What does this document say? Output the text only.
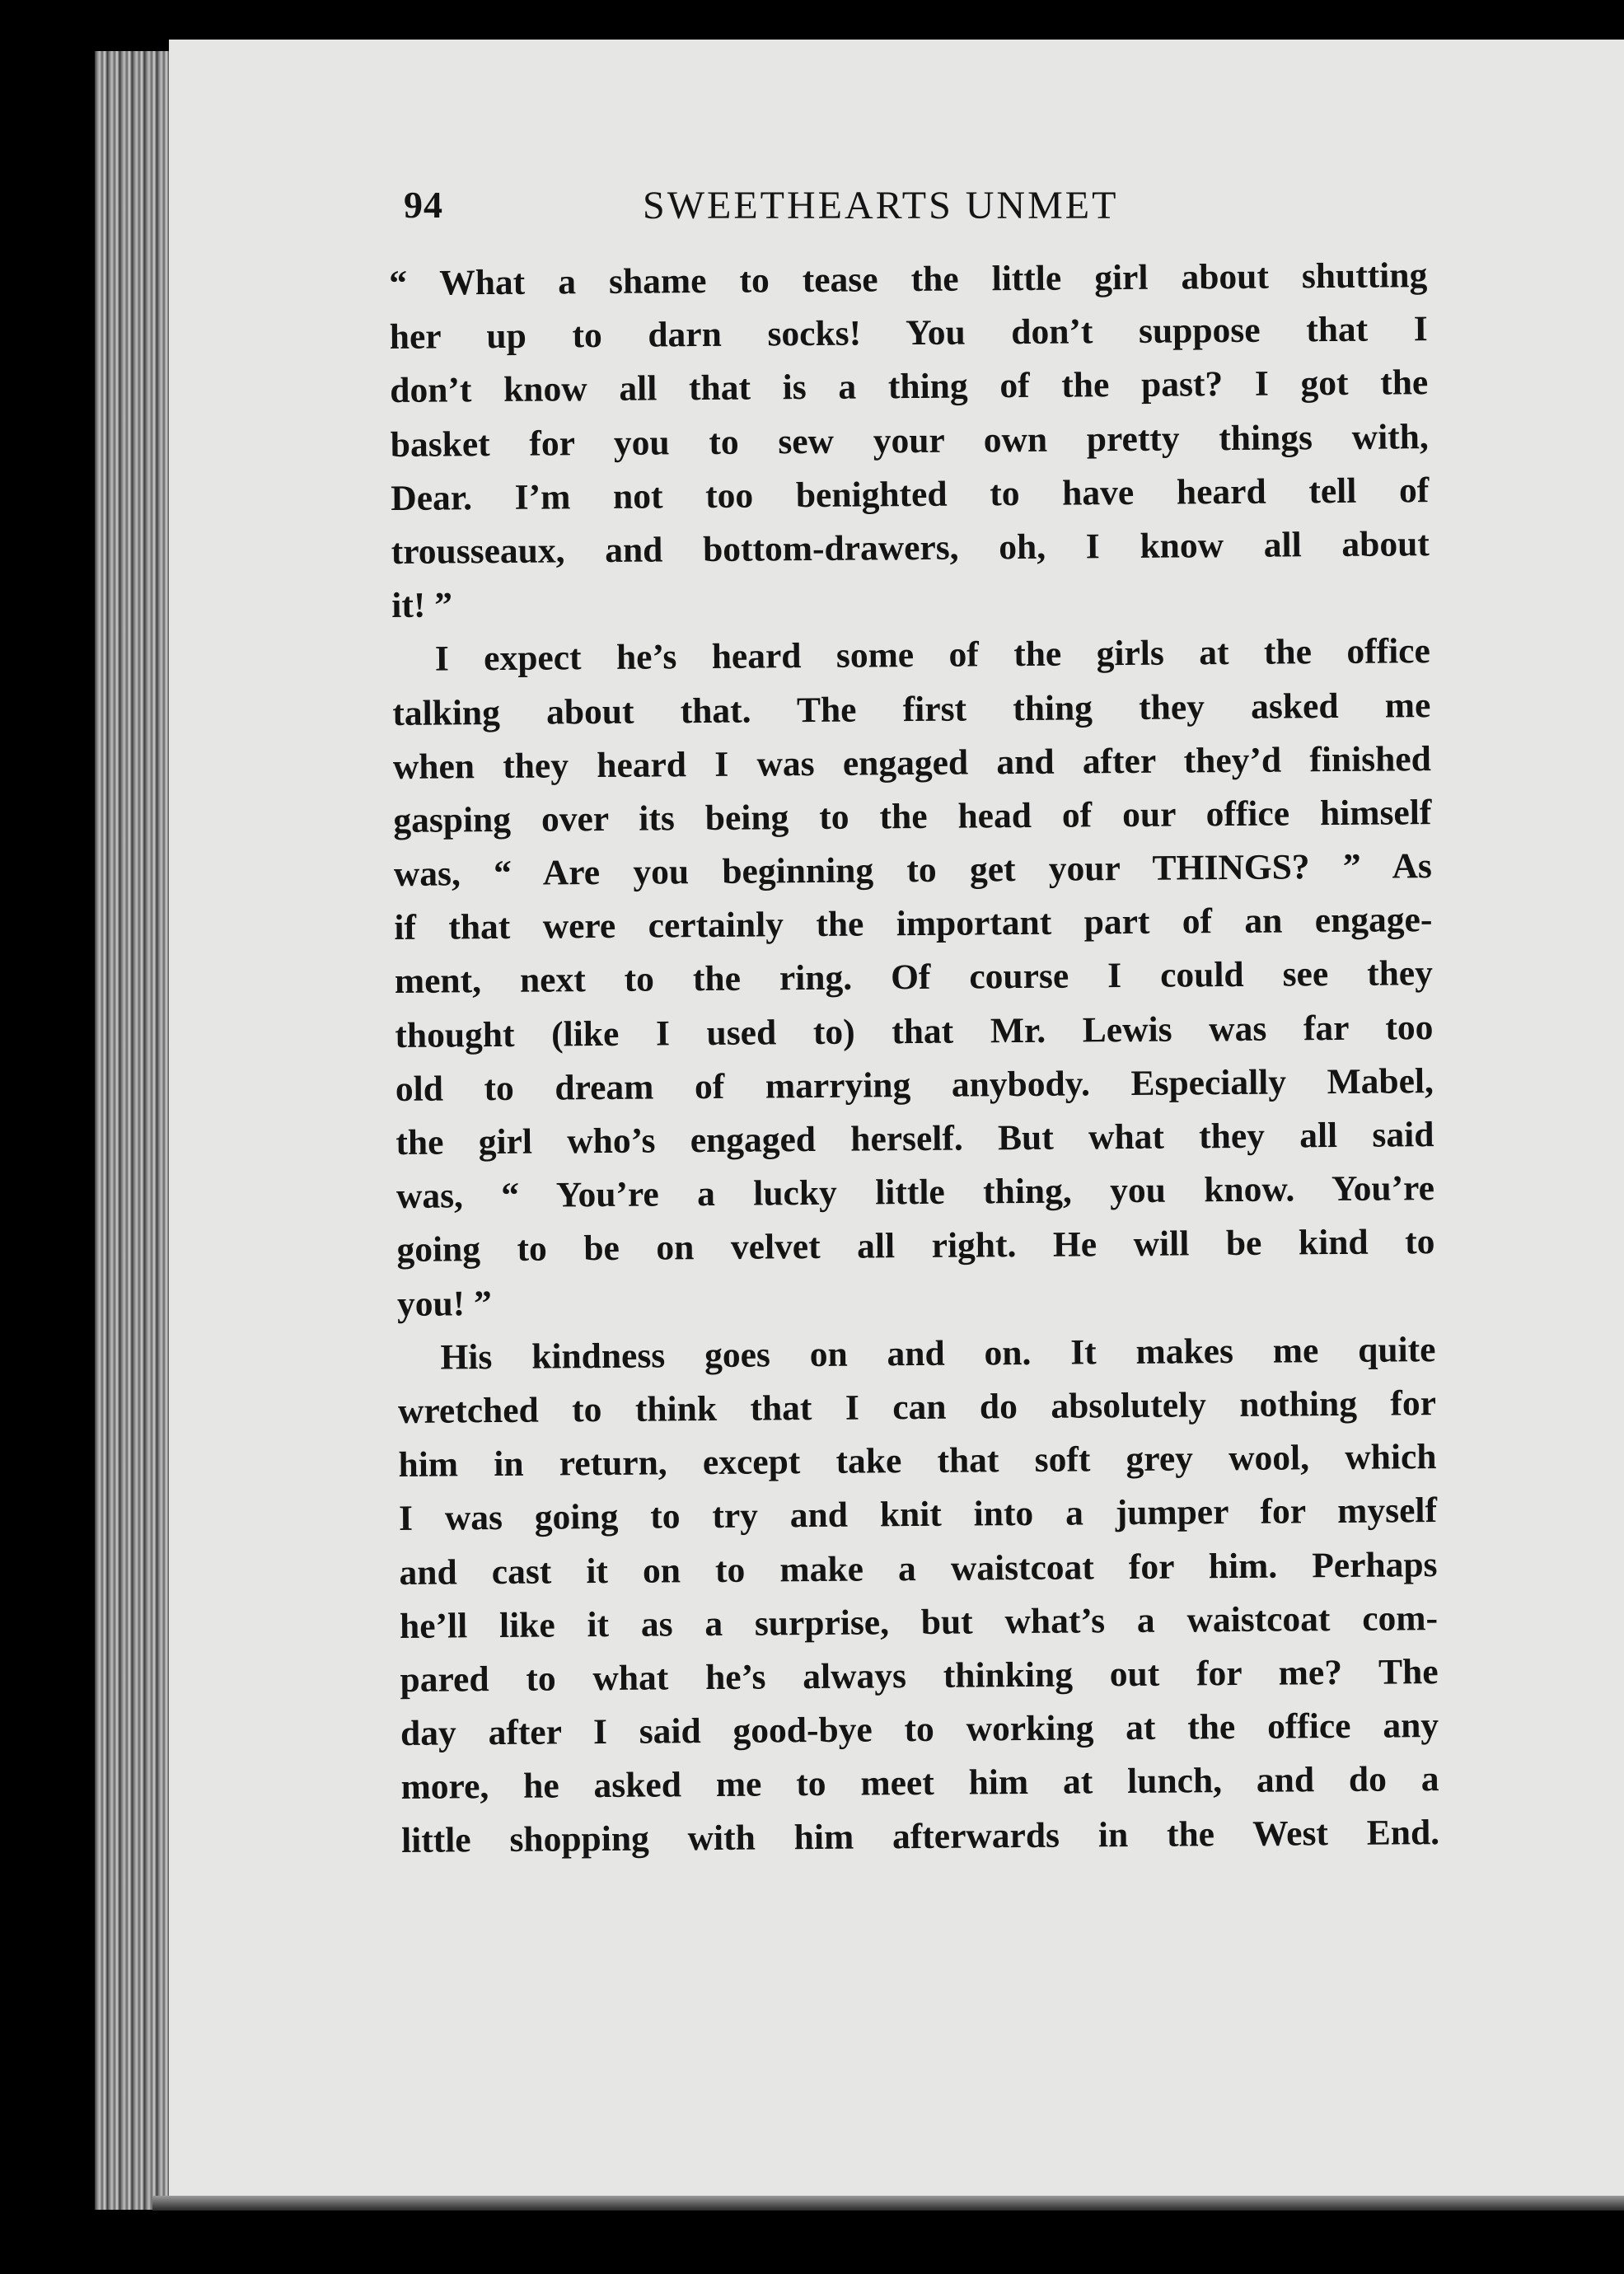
94	SWEETHEARTS UNMET
“ What a shame to tease the little girl about shutting
her up to darn socks! You don’t suppose that I
don’t know all that is a thing of the past? I got the
basket for you to sew your own pretty things with,
Dear. I’m not too benighted to have heard tell of
trousseaux, and bottom-drawers, oh, I know all about
it! ”
I expect he’s heard some of the girls at the office
talking about that. The first thing they asked me
when they heard I was engaged and after they’d finished
gasping over its being to the head of our office himself
was, “ Are you beginning to get your THINGS? ” As
if that were certainly the important part of an engage-
ment, next to the ring. Of course I could see they
thought (like I used to) that Mr. Lewis was far too
old to dream of marrying anybody. Especially Mabel,
the girl who’s engaged herself. But what they all said
was, “ You’re a lucky little thing, you know. You’re
going to be on velvet all right. He will be kind to
you! ”
His kindness goes on and on. It makes me quite
wretched to think that I can do absolutely nothing for
him in return, except take that soft grey wool, which
I was going to try and knit into a jumper for myself
and cast it on to make a waistcoat for him. Perhaps
he’ll like it as a surprise, but what’s a waistcoat com-
pared to what he’s always thinking out for me? The
day after I said good-bye to working at the office any
more, he asked me to meet him at lunch, and do a
little shopping with him afterwards in the West End.
